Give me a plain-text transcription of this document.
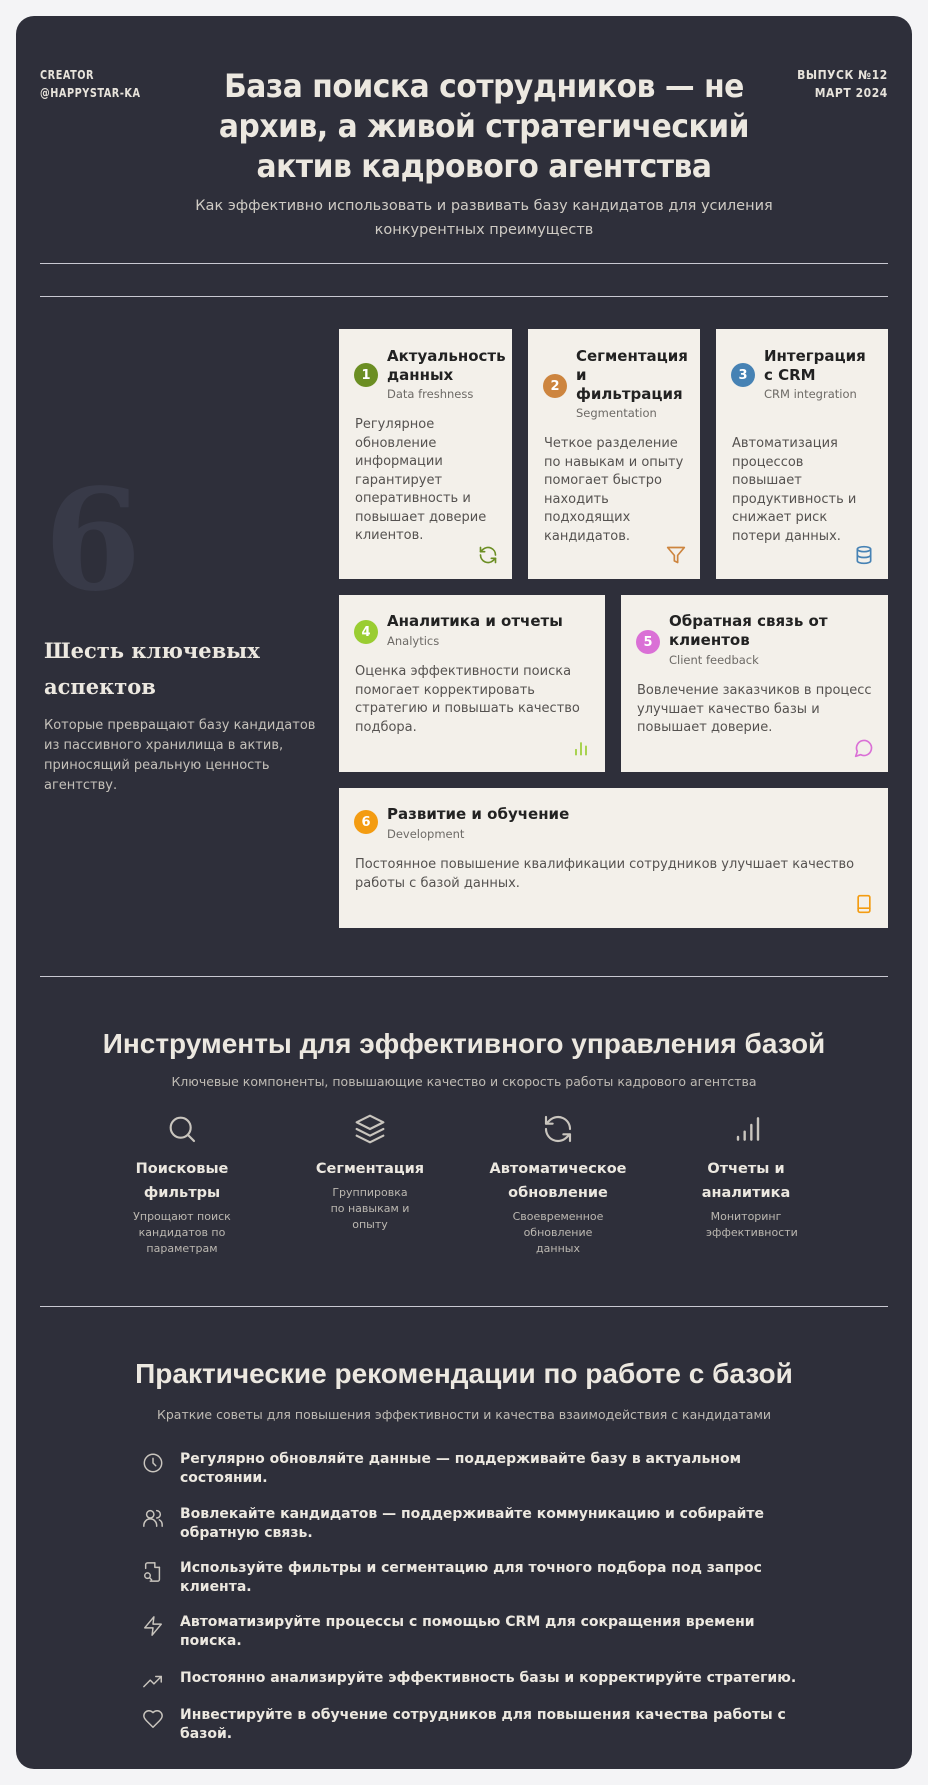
CREATOR
@HAPPYSTAR-KA
ВЫПУСК №12
МАРТ 2024
База поиска сотрудников — не архив, а живой стратегический актив кадрового агентства

Как эффективно использовать и развивать базу кандидатов для усиления конкурентных преимуществ

6
Шесть ключевых аспектов

Которые превращают базу кандидатов из пассивного хранилища в актив, приносящий реальную ценность агентству.

1
Актуальность данных
Data freshness
Регулярное обновление информации гарантирует оперативность и повышает доверие клиентов.
2
Сегментация и фильтрация
Segmentation
Четкое разделение по навыкам и опыту помогает быстро находить подходящих кандидатов.
3
Интеграция с CRM
CRM integration
Автоматизация процессов повышает продуктивность и снижает риск потери данных.
4
Аналитика и отчеты
Analytics
Оценка эффективности поиска помогает корректировать стратегию и повышать качество подбора.
5
Обратная связь от клиентов
Client feedback
Вовлечение заказчиков в процесс улучшает качество базы и повышает доверие.
6	Развитие и обучение
Development
Постоянное повышение квалификации сотрудников улучшает качество работы с базой данных.
Инструменты для эффективного управления базой

Ключевые компоненты, повышающие качество и скорость работы кадрового агентства

Поисковые фильтры
Упрощают поиск кандидатов по параметрам
Сегментация
Группировка по навыкам и опыту
Автоматическое обновление
Своевременное обновление данных
Отчеты и аналитика
Мониторинг эффективности
Практические рекомендации по работе с базой

Краткие советы для повышения эффективности и качества взаимодействия с кандидатами

Регулярно обновляйте данные — поддерживайте базу в актуальном состоянии.
Вовлекайте кандидатов — поддерживайте коммуникацию и собирайте обратную связь.
Используйте фильтры и сегментацию для точного подбора под запрос клиента.
Автоматизируйте процессы с помощью CRM для сокращения времени поиска.
Постоянно анализируйте эффективность базы и корректируйте стратегию.
Инвестируйте в обучение сотрудников для повышения качества работы с базой.
